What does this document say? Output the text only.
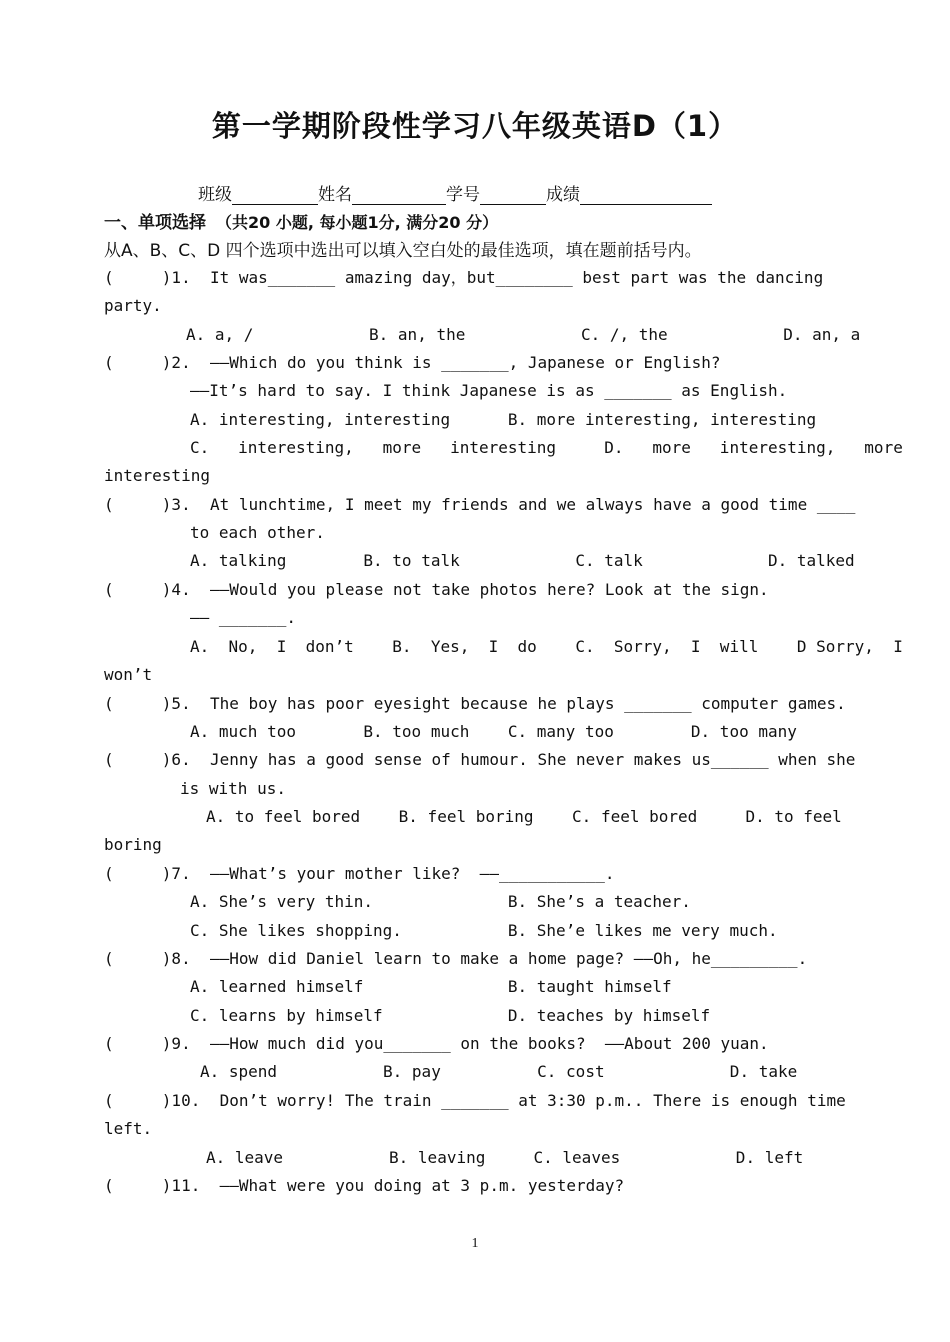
第一学期阶段性学习八年级英语D（1）
班级	姓名	学号	成绩
一、单项选择 （共20 小题, 每小题1分, 满分20 分）
从A、B、C、D 四个选项中选出可以填入空白处的最佳选项，填在题前括号内。
(     )1.  It was_______ amazing day，but________ best part was the dancing
party.
A. a, /            B. an, the            C. /, the            D. an, a
(     )2.  ——Which do you think is _______, Japanese or English?
——It’s hard to say. I think Japanese is as _______ as English.
A. interesting, interesting      B. more interesting, interesting
C.   interesting,   more   interesting     D.   more   interesting,   more
interesting
(     )3.  At lunchtime, I meet my friends and we always have a good time ____
to each other.
A. talking        B. to talk            C. talk             D. talked
(     )4.  ——Would you please not take photos here? Look at the sign.
—— _______.
A.  No,  I  don’t    B.  Yes,  I  do    C.  Sorry,  I  will    D Sorry,  I
won’t
(     )5.  The boy has poor eyesight because he plays _______ computer games.
A. much too       B. too much    C. many too        D. too many
(     )6.  Jenny has a good sense of humour. She never makes us______ when she
is with us.
A. to feel bored    B. feel boring    C. feel bored     D. to feel
boring
(     )7.  ——What’s your mother like?  ——___________.
A. She’s very thin.              B. She’s a teacher.
C. She likes shopping.           B. She’e likes me very much.
(     )8.  ——How did Daniel learn to make a home page? ——Oh, he_________.
A. learned himself               B. taught himself
C. learns by himself             D. teaches by himself
(     )9.  ——How much did you_______ on the books?  ——About 200 yuan.
A. spend           B. pay          C. cost             D. take
(     )10.  Don’t worry! The train _______ at 3:30 p.m.. There is enough time
left.
A. leave           B. leaving     C. leaves            D. left
(     )11.  ——What were you doing at 3 p.m. yesterday?
1
